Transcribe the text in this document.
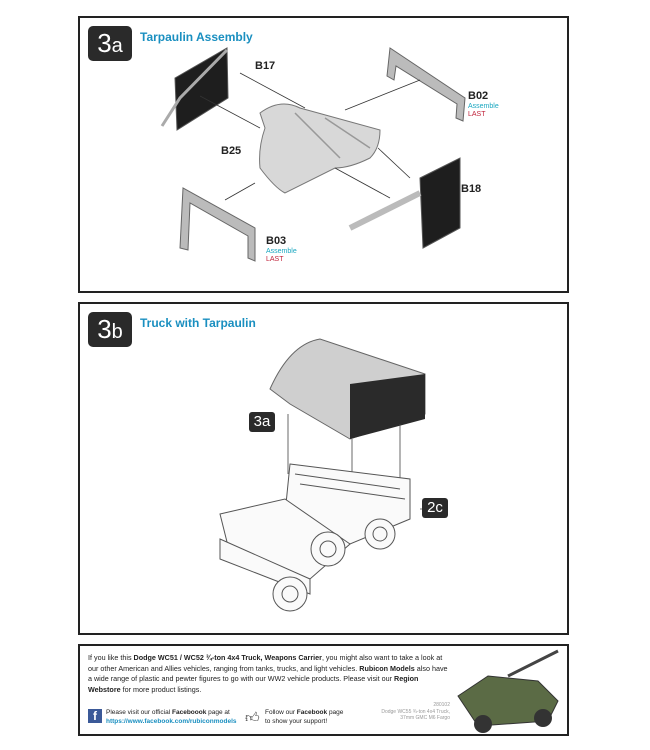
3a	Tarpaulin Assembly
B17
B02
Assemble
LAST
B25
B18
B03
Assemble
LAST
3b	Truck with Tarpaulin
3a
2c
If you like this Dodge WC51 / WC52 ¾-ton 4x4 Truck, Weapons Carrier, you might also want to take a look at our other American and Allies vehicles, ranging from tanks, trucks, and light vehicles. Rubicon Models also have a wide range of plastic and pewter figures to go with our WW2 vehicle products. Please visit our Region Webstore for more product listings.
f	Please visit our official Faceboook page at
https://www.facebook.com/rubiconmodels 👍︎ Follow our Facebook page
to show your support!
280102
Dodge WC55 ¾-ton 4x4 Truck,
37mm GMC M6 Fargo
